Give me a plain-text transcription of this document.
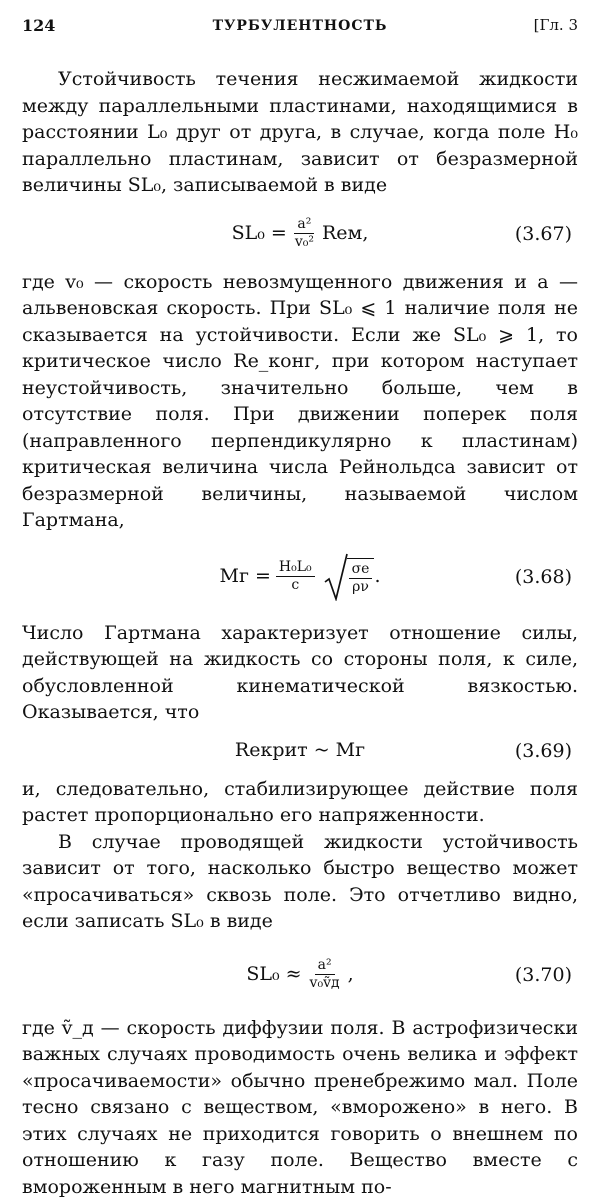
124	ТУРБУЛЕНТНОСТЬ	[Гл. 3

Устойчивость течения несжимаемой жидкости между параллельными пластинами, находящимися в расстоянии L₀ друг от друга, в случае, когда поле H₀ параллельно пластинам, зависит от безразмерной величины SL₀, записываемой в виде

$SL_0 = \frac{\text{a²}}{\text{v₀²}}$ Reм,	(3.67)

где v₀ — скорость невозмущенного движения и a — альвеновская скорость. При SL₀ ⩽ 1 наличие поля не сказывается на устойчивости. Если же SL₀ ⩾ 1, то критическое число Re_конг, при котором наступает неустойчивость, значительно больше, чем в отсутствие поля. При движении поперек поля (направленного перпендикулярно к пластинам) критическая величина числа Рейнольдса зависит от безразмерной величины, называемой числом Гартмана,

Mг = $\frac{\text{H₀L₀}}{c} \frac{\sigma e}{\rho\nu}$ .	(3.68)

Число Гартмана характеризует отношение силы, действующей на жидкость со стороны поля, к силе, обусловленной кинематической вязкостью. Оказывается, что

Reкрит ~ Mг	(3.69)

и, следовательно, стабилизирующее действие поля растет пропорционально его напряженности.

В случае проводящей жидкости устойчивость зависит от того, насколько быстро вещество может «просачиваться» сквозь поле. Это отчетливо видно, если записать SL₀ в виде

$SL_0 \approx \frac{\text{a²}}{\text{v₀ṽд}}$ ,	(3.70)

где ṽ_д — скорость диффузии поля. В астрофизически важных случаях проводимость очень велика и эффект «просачиваемости» обычно пренебрежимо мал. Поле тесно связано с веществом, «вморожено» в него. В этих случаях не приходится говорить о внешнем по отношению к газу поле. Вещество вместе с вмороженным в него магнитным по-
